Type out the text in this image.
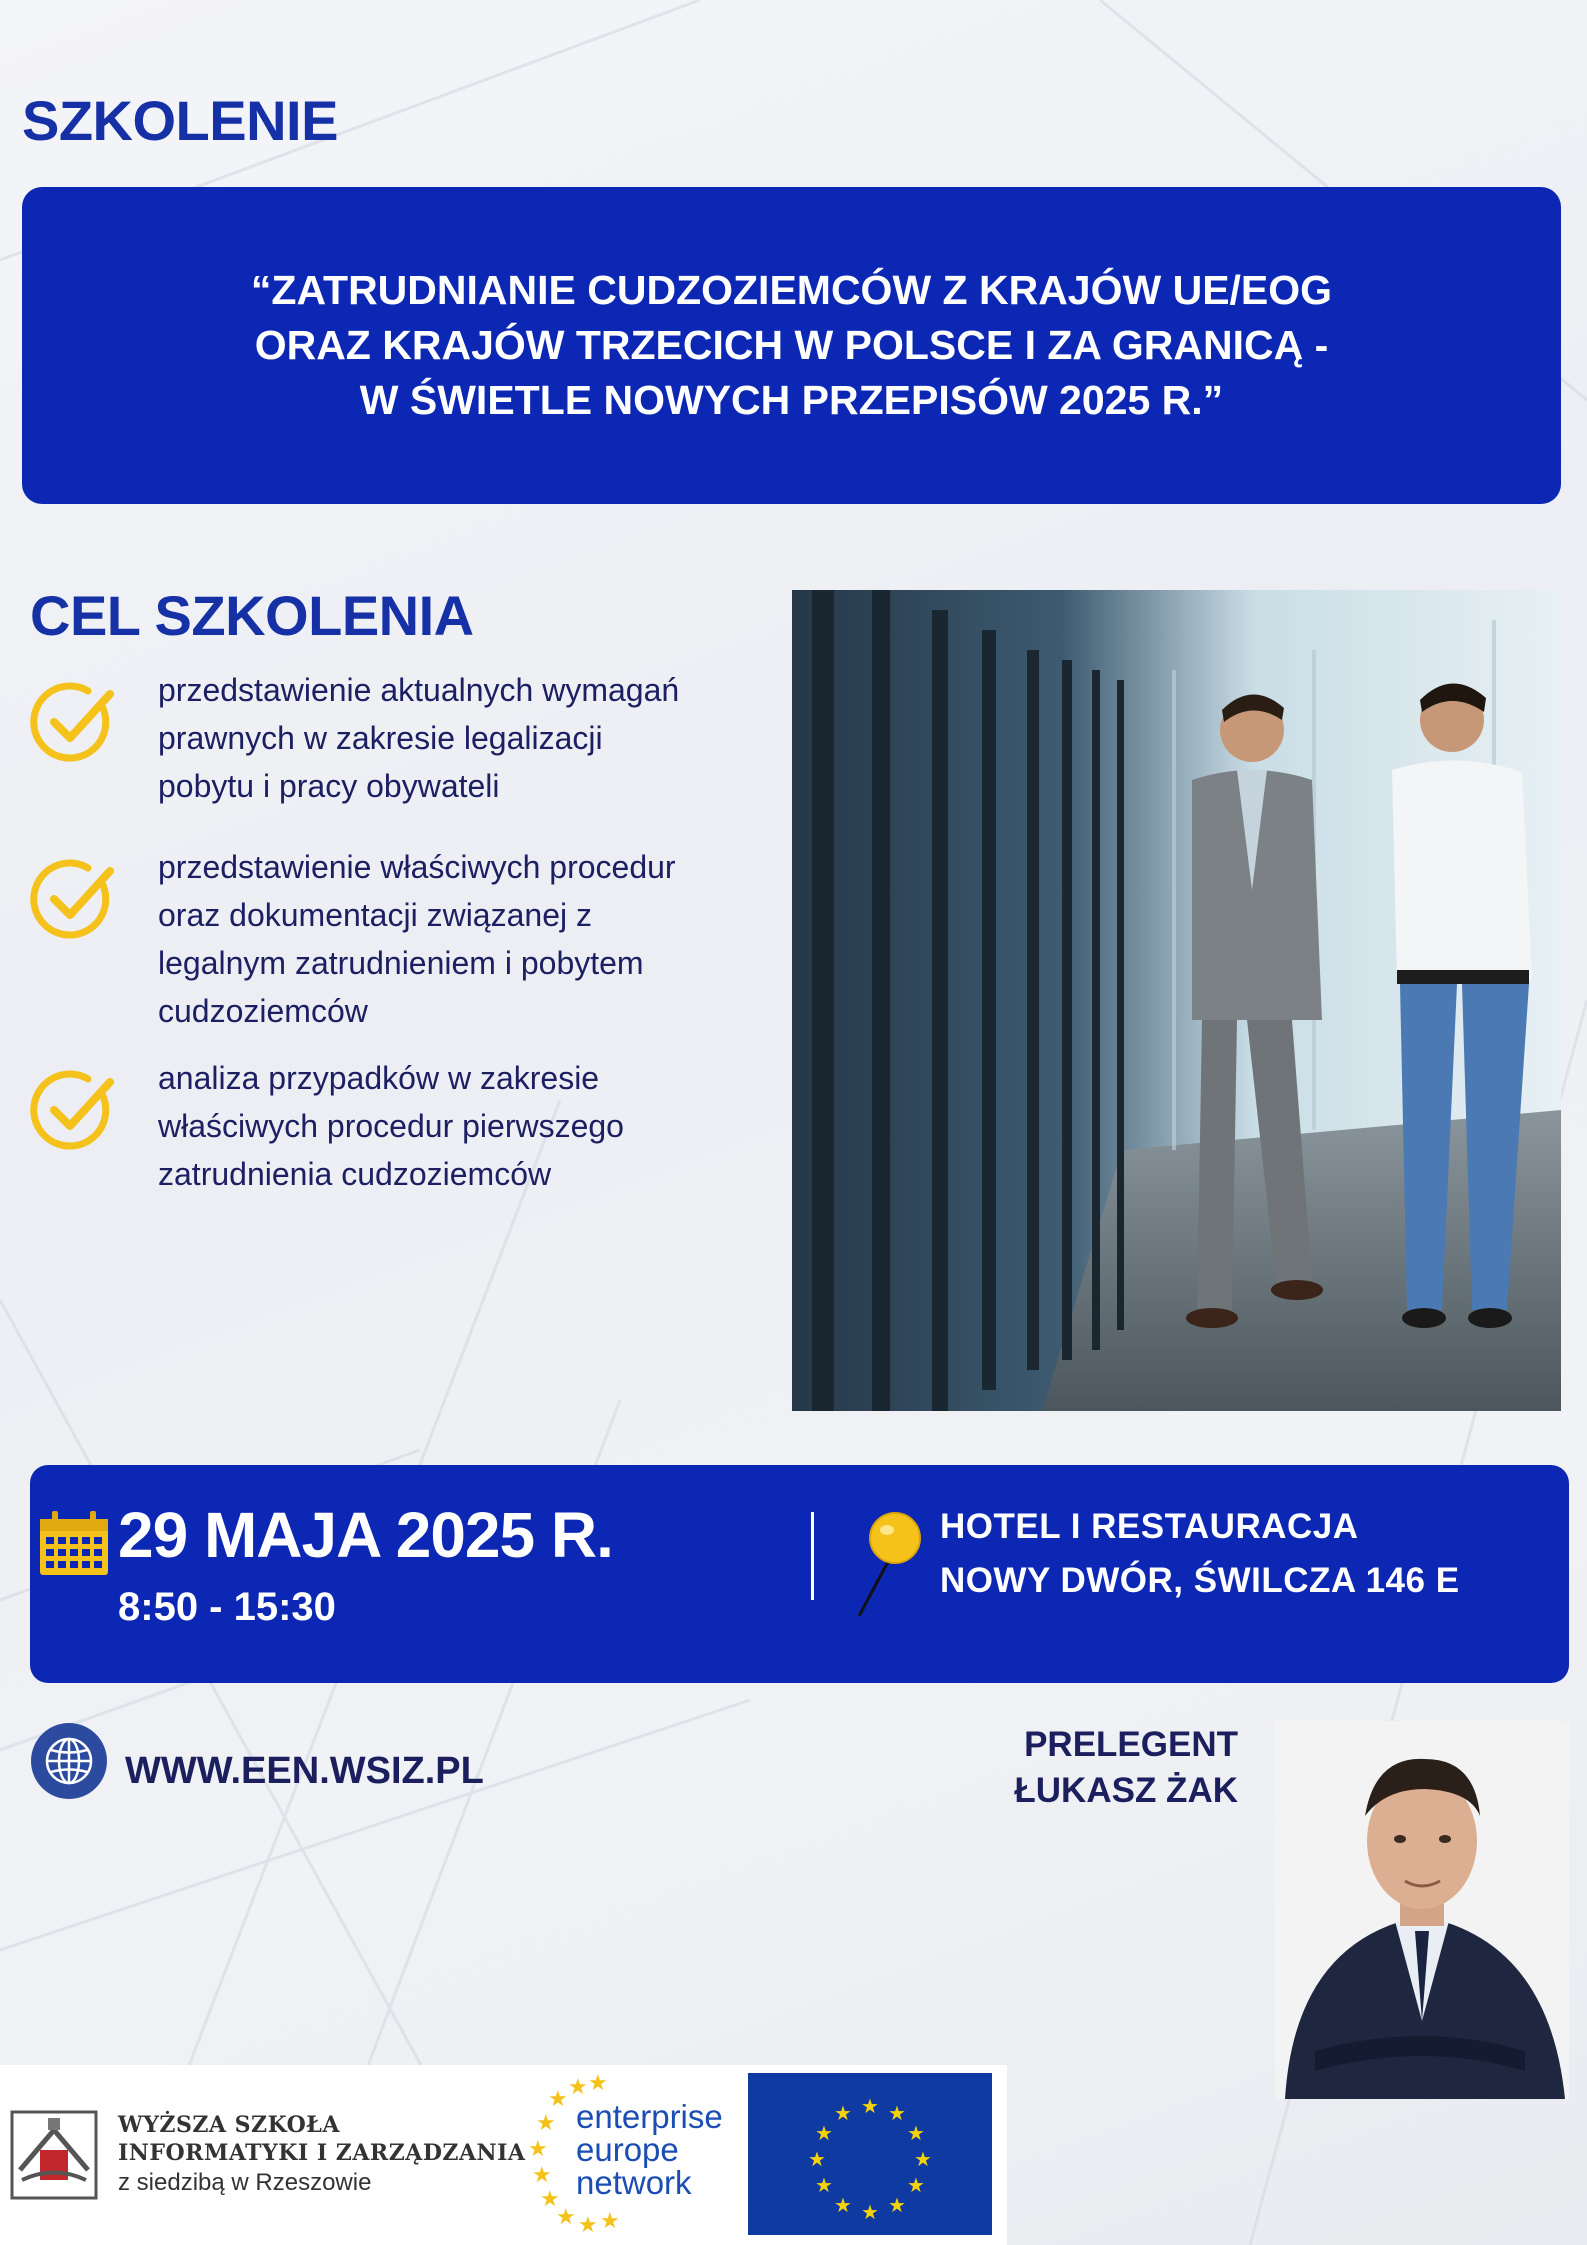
SZKOLENIE
“ZATRUDNIANIE CUDZOZIEMCÓW Z KRAJÓW UE/EOG
ORAZ KRAJÓW TRZECICH W POLSCE I ZA GRANICĄ -
W ŚWIETLE NOWYCH PRZEPISÓW 2025 R.”
CEL SZKOLENIA
przedstawienie aktualnych wymagań
prawnych w zakresie legalizacji
pobytu i pracy obywateli
przedstawienie właściwych procedur
oraz dokumentacji związanej z
legalnym zatrudnieniem i pobytem
cudzoziemców
analiza przypadków w zakresie
właściwych procedur pierwszego
zatrudnienia cudzoziemców
29 MAJA 2025 R.
8:50 - 15:30
HOTEL I RESTAURACJA
NOWY DWÓR, ŚWILCZA 146 E
WWW.EEN.WSIZ.PL
PRELEGENT
ŁUKASZ ŻAK
WYŻSZA SZKOŁA
INFORMATYKI I ZARZĄDZANIA
z siedzibą w Rzeszowie
★ ★
★
★
★
★
★
★ ★ ★
enterprise
europe
network
★ ★
★
★
★
★
★
★
★
★
★
★
